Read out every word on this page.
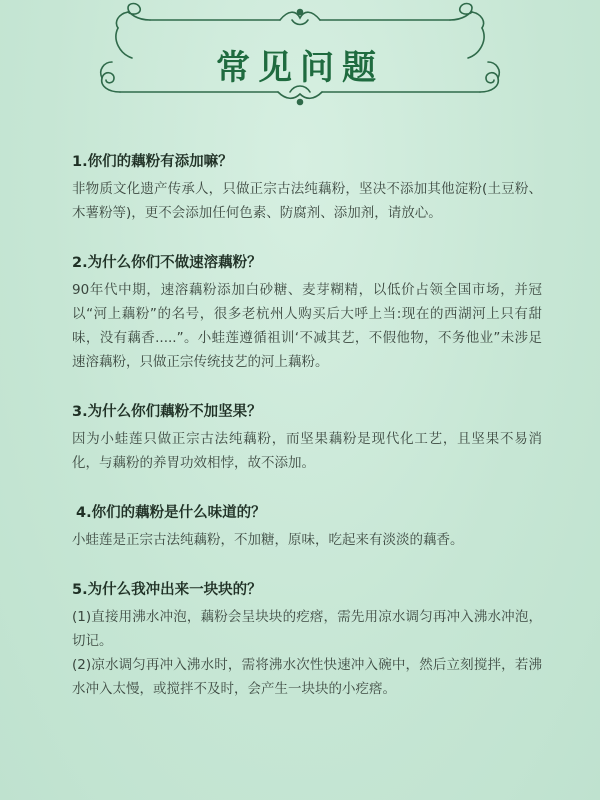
常见问题
1.你们的藕粉有添加嘛？

非物质文化遗产传承人，只做正宗古法纯藕粉，坚决不添加其他淀粉(土豆粉、木薯粉等)，更不会添加任何色素、防腐剂、添加剂，请放心。

2.为什么你们不做速溶藕粉？

90年代中期，速溶藕粉添加白砂糖、麦芽糊精，以低价占领全国市场，并冠以“河上藕粉”的名号，很多老杭州人购买后大呼上当:现在的西湖河上只有甜味，没有藕香.....”。小蛙莲遵循祖训‘不减其艺，不假他物，不务他业”未涉足速溶藕粉，只做正宗传统技艺的河上藕粉。

3.为什么你们藕粉不加坚果？

因为小蛙莲只做正宗古法纯藕粉，而坚果藕粉是现代化工艺，且坚果不易消化，与藕粉的养胃功效相悖，故不添加。

4.你们的藕粉是什么味道的？

小蛙莲是正宗古法纯藕粉，不加糖，原味，吃起来有淡淡的藕香。

5.为什么我冲出来一块块的？

(1)直接用沸水冲泡，藕粉会呈块块的疙瘩，需先用凉水调匀再冲入沸水冲泡，切记。

(2)凉水调匀再冲入沸水时，需将沸水次性快速冲入碗中，然后立刻搅拌，若沸水冲入太慢，或搅拌不及时，会产生一块块的小疙瘩。
